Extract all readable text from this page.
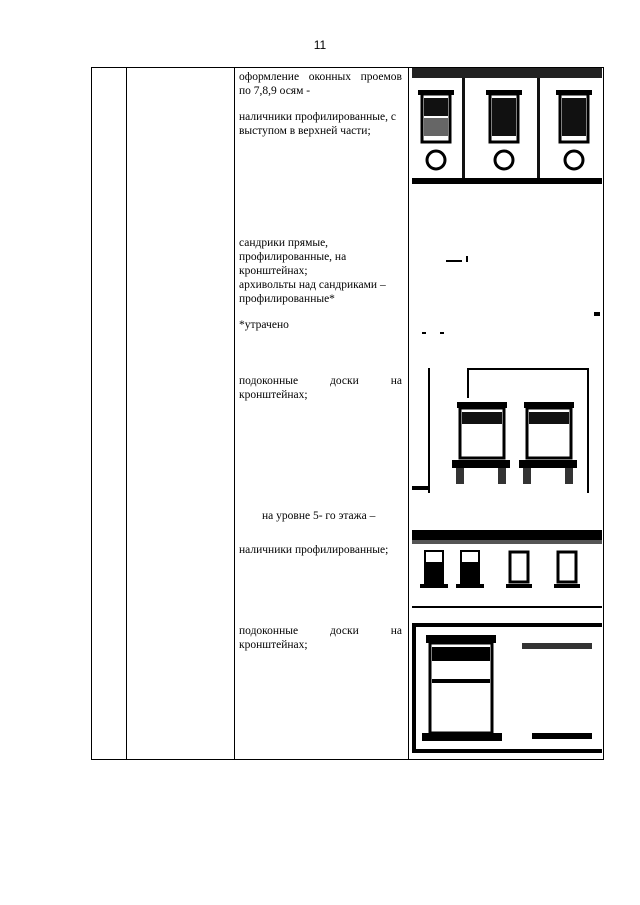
11
оформление оконных проемов
по 7,8,9 осям -
наличники профилированные, с
выступом в верхней части;
сандрики прямые,
профилированные, на
кронштейнах;
архивольты над сандриками –
профилированные*
*утрачено
подоконные доски на
кронштейнах;
на уровне 5- го этажа –
наличники профилированные;
подоконные доски на
кронштейнах;
